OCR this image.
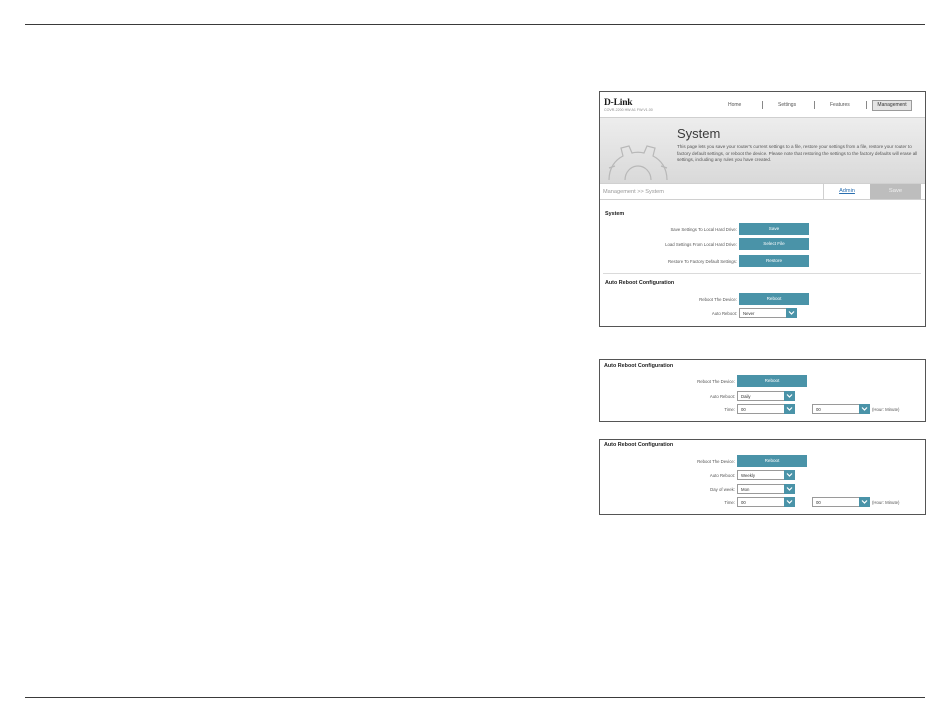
D-Link
COVR-2200 HW:A1 FW:V1.00
Home	Settings	Features	Management
System
This page lets you save your router's current settings to a file, restore your settings from a file, restore your router to factory default settings, or reboot the device. Please note that restoring the settings to the factory defaults will erase all settings, including any rules you have created.
Management >> System	Admin	Save
System
Save Settings To Local Hard Drive:	Save
Load Settings From Local Hard Drive:	Select File
Restore To Factory Default Settings:	Restore
Auto Reboot Configuration
Reboot The Device:	Reboot
Auto Reboot: Never
Auto Reboot Configuration
Reboot The Device:	Reboot
Auto Reboot: Daily
Time: 00	00	(Hour: Minute)
Auto Reboot Configuration
Reboot The Device:	Reboot
Auto Reboot: Weekly
Day of week: Mon
Time: 00	00	(Hour: Minute)
